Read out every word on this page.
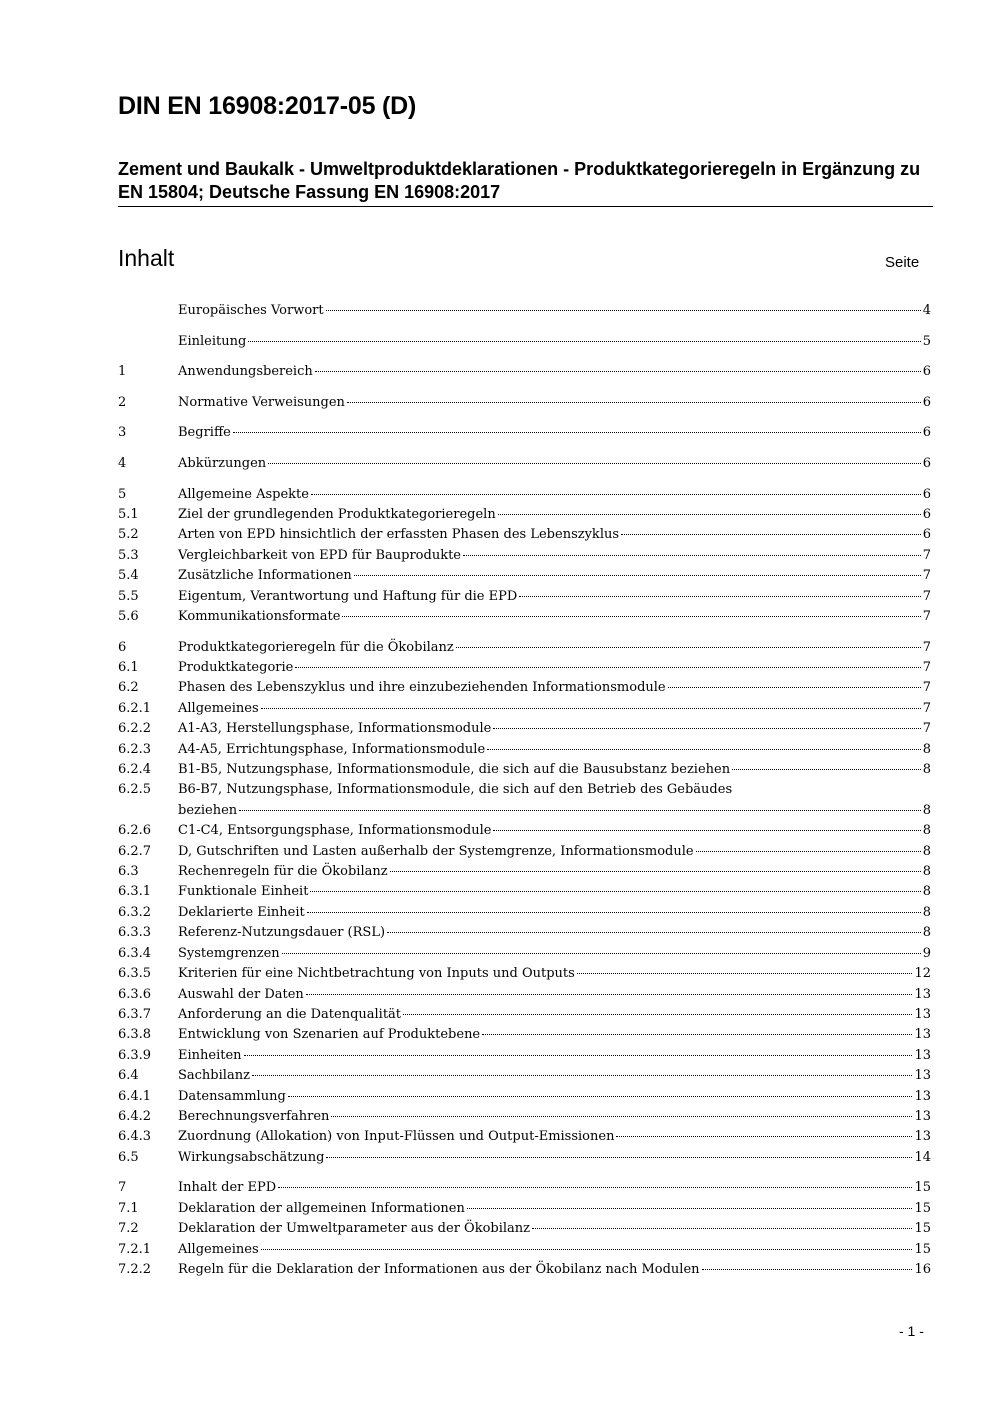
DIN EN 16908:2017-05 (D)
Zement und Baukalk - Umweltproduktdeklarationen - Produktkategorieregeln in Ergänzung zu EN 15804; Deutsche Fassung EN 16908:2017
Inhalt	Seite
Europäisches Vorwort	4
Einleitung	5
1	Anwendungsbereich	6
2	Normative Verweisungen	6
3	Begriffe	6
4	Abkürzungen	6
5	Allgemeine Aspekte	6
5.1	Ziel der grundlegenden Produktkategorieregeln	6
5.2	Arten von EPD hinsichtlich der erfassten Phasen des Lebenszyklus	6
5.3	Vergleichbarkeit von EPD für Bauprodukte	7
5.4	Zusätzliche Informationen	7
5.5	Eigentum, Verantwortung und Haftung für die EPD	7
5.6	Kommunikationsformate	7
6	Produktkategorieregeln für die Ökobilanz	7
6.1	Produktkategorie	7
6.2	Phasen des Lebenszyklus und ihre einzubeziehenden Informationsmodule	7
6.2.1	Allgemeines	7
6.2.2	A1-A3, Herstellungsphase, Informationsmodule	7
6.2.3	A4-A5, Errichtungsphase, Informationsmodule	8
6.2.4	B1-B5, Nutzungsphase, Informationsmodule, die sich auf die Bausubstanz beziehen	8
6.2.5	B6-B7, Nutzungsphase, Informationsmodule, die sich auf den Betrieb des Gebäudes
beziehen	8
6.2.6	C1-C4, Entsorgungsphase, Informationsmodule	8
6.2.7	D, Gutschriften und Lasten außerhalb der Systemgrenze, Informationsmodule	8
6.3	Rechenregeln für die Ökobilanz	8
6.3.1	Funktionale Einheit	8
6.3.2	Deklarierte Einheit	8
6.3.3	Referenz-Nutzungsdauer (RSL)	8
6.3.4	Systemgrenzen	9
6.3.5	Kriterien für eine Nichtbetrachtung von Inputs und Outputs	12
6.3.6	Auswahl der Daten	13
6.3.7	Anforderung an die Datenqualität	13
6.3.8	Entwicklung von Szenarien auf Produktebene	13
6.3.9	Einheiten	13
6.4	Sachbilanz	13
6.4.1	Datensammlung	13
6.4.2	Berechnungsverfahren	13
6.4.3	Zuordnung (Allokation) von Input-Flüssen und Output-Emissionen	13
6.5	Wirkungsabschätzung	14
7	Inhalt der EPD	15
7.1	Deklaration der allgemeinen Informationen	15
7.2	Deklaration der Umweltparameter aus der Ökobilanz	15
7.2.1	Allgemeines	15
7.2.2	Regeln für die Deklaration der Informationen aus der Ökobilanz nach Modulen	16
- 1 -
